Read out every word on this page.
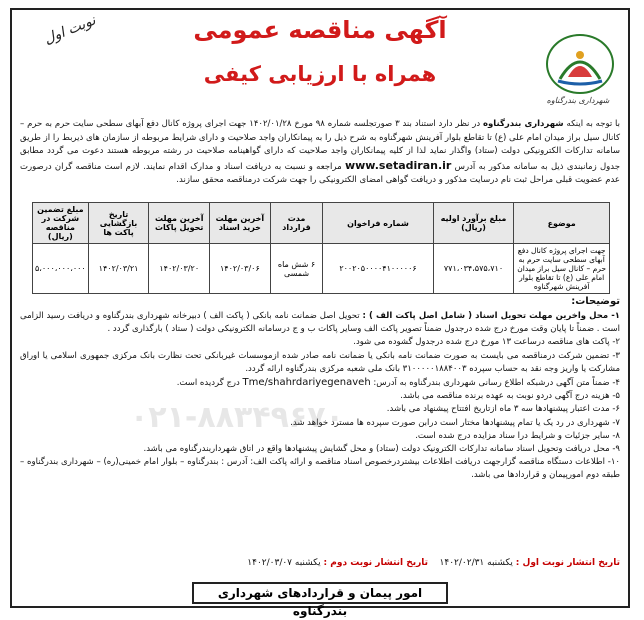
نوبت اول	آگهی مناقصه عمومی
همراه با ارزیابی کیفی
شهرداری بندرگناوه
با توجه به اینکه شهرداری بندرگناوه در نظر دارد استناد بند ۳ صورتجلسه شماره ۹۸ مورخ ۱۴۰۲/۰۱/۲۸ جهت اجرای پروژه کانال دفع آبهای سطحی سایت حرم به حرم – کانال سیل براز میدان امام علی (ع) تا تقاطع بلوار آفرینش شهرگناوه به شرح ذیل را به پیمانکاران واجد صلاحیت و دارای شرایط مربوطه از سازمان های ذیربط را از طریق سامانه تدارکات الکترونیکی دولت (ستاد) واگذار نماید لذا از کلیه پیمانکاران واجد صلاحیت که دارای گواهینامه صلاحیت در رشته مربوطه هستند دعوت می گردد مطابق جدول زمانبندی ذیل به سامانه مذکور به آدرس www.setadiran.ir مراجعه و نسبت به دریافت اسناد و مدارک اقدام نمایند. لازم است مناقصه گران درصورت عدم عضویت قبلی مراحل ثبت نام درسایت مذکور و دریافت گواهی امضای الکترونیکی را جهت شرکت درمناقصه محقق سازند.
موضوع	مبلغ برآورد اولیه (ریال)	شماره فراخوان	مدت قرارداد	آخرین مهلت خرید اسناد	آخرین مهلت تحویل پاکات	تاریخ بازگشایی پاکت ها	مبلغ تضمین شرکت در مناقصه (ریال)
جهت اجرای پروژه کانال دفع آبهای سطحی سایت حرم به حرم – کانال سیل براز میدان امام علی (ع) تا تقاطع بلوار آفرینش شهرگناوه	۷۷۱،۰۳۴،۵۷۵،۷۱۰	۲۰۰۲۰۵۰۰۰۰۴۱۰۰۰۰۰۶	۶ شش ماه شمسی	۱۴۰۲/۰۳/۰۶	۱۴۰۲/۰۳/۲۰	۱۴۰۲/۰۳/۲۱	۵،۰۰۰،۰۰۰،۰۰۰
توضیحات:

۱- محل واخرین مهلت تحویل اسناد ( شامل اصل پاکت الف ) : تحویل اصل ضمانت نامه بانکی ( پاکت الف ) دبیرخانه شهرداری بندرگناوه و دریافت رسید الزامی است . ضمناً تا پایان وقت مورخ درج شده درجدول ضمناً تصویر پاکت الف وسایر پاکات ب و ج درسامانه الکترونیکی دولت ( ستاد ) بارگذاری گردد .

۲- پاکت های مناقصه درساعت ۱۳ مورخ درج شده درجدول گشوده می شود.

۳- تضمین شرکت درمناقصه می بایست به صورت ضمانت نامه بانکی یا ضمانت نامه صادر شده ازموسسات غیربانکی تحت نظارت بانک مرکزی جمهوری اسلامی یا اوراق مشارکت یا واریز وجه نقد به حساب سپرده ۳۱۰۰۰۰۰۱۸۸۴۰۰۳ بانک ملی شعبه مرکزی بندرگناوه ارائه گردد.

۴- ضمناً متن آگهی درشبکه اطلاع رسانی شهرداری بندرگناوه به آدرس: Tme/shahrdariyegenaveh درج گردیده است.

۵- هزینه درج آگهی دردو نوبت به عهده برنده مناقصه می باشد.

۶- مدت اعتبار پیشنهادها سه ۳ ماه ازتاریخ افتتاح پیشنهاد می باشد.

۷- شهرداری در رد یک یا تمام پیشنهادها مختار است درابن صورت سپرده ها مسترد خواهد شد.

۸- سایر جزئیات و شرایط درا سناد مزایده درج شده است.

۹- محل دریافت وتحویل اسناد سامانه تدارکات الکترونیک دولت (ستاد) و محل گشایش پیشنهادها واقع در اتاق شهرداربندرگناوه می باشد.

۱۰- اطلاعات دستگاه مناقصه گزارجهت دریافت اطلاعات بیشتردرخصوص اسناد مناقصه و ارائه پاکت الف: آدرس : بندرگناوه – بلوار امام خمینی(ره) – شهرداری بندرگناوه – طبقه دوم امورپیمان و قراردادها می باشد.

تاریخ انتشار نوبت اول : یکشنبه ۱۴۰۲/۰۲/۳۱    تاریخ انتشار نوبت دوم : یکشنبه ۱۴۰۲/۰۳/۰۷
امور پیمان و قراردادهای شهرداری بندرگناوه
۰۲۱-۸۸۳۴۹۶۷۰
